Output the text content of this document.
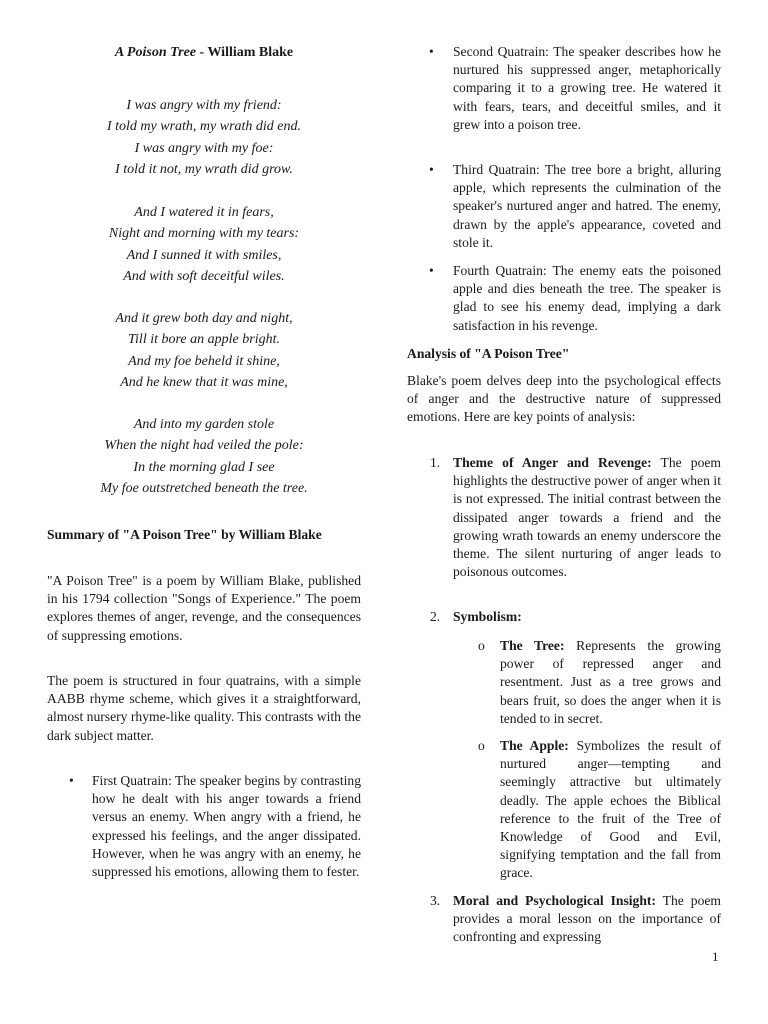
A Poison Tree - William Blake
I was angry with my friend:
I told my wrath, my wrath did end.
I was angry with my foe:
I told it not, my wrath did grow.
And I watered it in fears,
Night and morning with my tears:
And I sunned it with smiles,
And with soft deceitful wiles.
And it grew both day and night,
Till it bore an apple bright.
And my foe beheld it shine,
And he knew that it was mine,
And into my garden stole
When the night had veiled the pole:
In the morning glad I see
My foe outstretched beneath the tree.

Summary of "A Poison Tree" by William Blake

"A Poison Tree" is a poem by William Blake, published in his 1794 collection "Songs of Experience." The poem explores themes of anger, revenge, and the consequences of suppressing emotions.

The poem is structured in four quatrains, with a simple AABB rhyme scheme, which gives it a straightforward, almost nursery rhyme-like quality. This contrasts with the dark subject matter.

• First Quatrain: The speaker begins by contrasting how he dealt with his anger towards a friend versus an enemy. When angry with a friend, he expressed his feelings, and the anger dissipated. However, when he was angry with an enemy, he suppressed his emotions, allowing them to fester.

• Second Quatrain: The speaker describes how he nurtured his suppressed anger, metaphorically comparing it to a growing tree. He watered it with fears, tears, and deceitful smiles, and it grew into a poison tree.

• Third Quatrain: The tree bore a bright, alluring apple, which represents the culmination of the speaker's nurtured anger and hatred. The enemy, drawn by the apple's appearance, coveted and stole it.

• Fourth Quatrain: The enemy eats the poisoned apple and dies beneath the tree. The speaker is glad to see his enemy dead, implying a dark satisfaction in his revenge.

Analysis of "A Poison Tree"

Blake's poem delves deep into the psychological effects of anger and the destructive nature of suppressed emotions. Here are key points of analysis:

1. Theme of Anger and Revenge: The poem highlights the destructive power of anger when it is not expressed. The initial contrast between the dissipated anger towards a friend and the growing wrath towards an enemy underscore the theme. The silent nurturing of anger leads to poisonous outcomes.

2. Symbolism:

o The Tree: Represents the growing power of repressed anger and resentment. Just as a tree grows and bears fruit, so does the anger when it is tended to in secret.

o The Apple: Symbolizes the result of nurtured anger—tempting and seemingly attractive but ultimately deadly. The apple echoes the Biblical reference to the fruit of the Tree of Knowledge of Good and Evil, signifying temptation and the fall from grace.

3. Moral and Psychological Insight: The poem provides a moral lesson on the importance of confronting and expressing

1
